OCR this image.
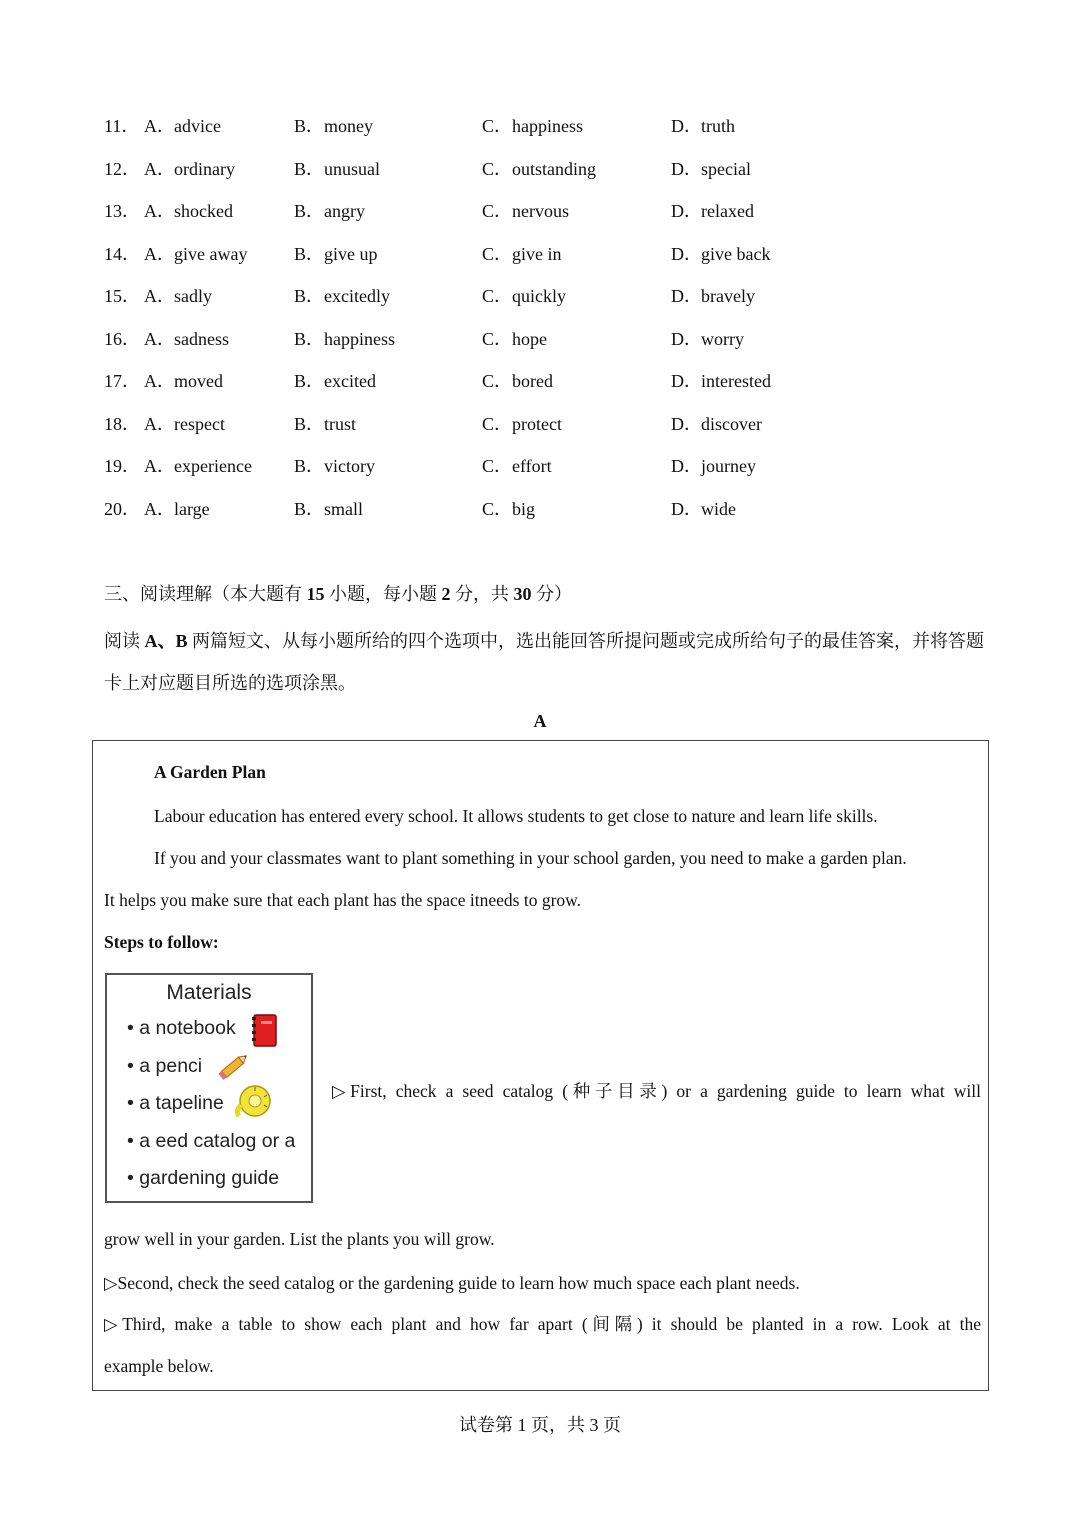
11． A．advice	B．money	C．happiness	D．truth
12． A．ordinary	B．unusual	C．outstanding	D．special
13． A．shocked	B．angry	C．nervous	D．relaxed
14． A．give away	B．give up	C．give in	D．give back
15． A．sadly	B．excitedly	C．quickly	D．bravely
16． A．sadness	B．happiness	C．hope	D．worry
17． A．moved	B．excited	C．bored	D．interested
18． A．respect	B．trust	C．protect	D．discover
19． A．experience B．victory	C．effort	D．journey
20． A．large	B．small	C．big	D．wide
三、阅读理解（本大题有 15 小题，每小题 2 分，共 30 分）
阅读 A、B 两篇短文、从每小题所给的四个选项中，选出能回答所提问题或完成所给句子的最佳答案，并将答题卡上对应题目所选的选项涂黑。
A
A Garden Plan
Labour education has entered every school. It allows students to get close to nature and learn life skills.
If you and your classmates want to plant something in your school garden, you need to make a garden plan.
It helps you make sure that each plant has the space itneeds to grow.
Steps to follow:
Materials
• a notebook
• a penci
• a tapeline
• a eed catalog or a
• gardening guide
▷First, check a seed catalog (种子目录) or a gardening guide to learn what will
grow well in your garden. List the plants you will grow.
▷Second, check the seed catalog or the gardening guide to learn how much space each plant needs.
▷Third, make a table to show each plant and how far apart (间隔) it should be planted in a row. Look at the
example below.
试卷第 1 页，共 3 页
